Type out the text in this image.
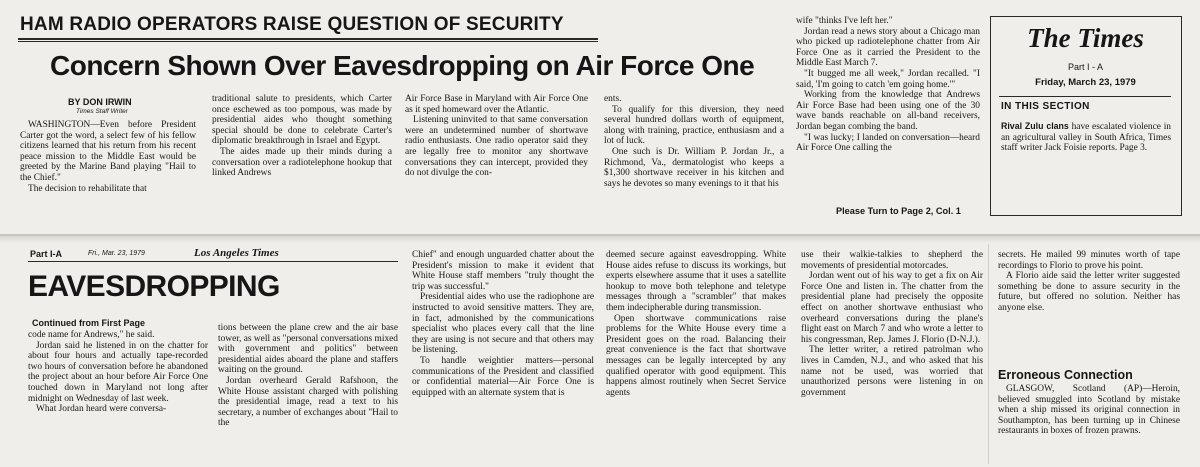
HAM RADIO OPERATORS RAISE QUESTION OF SECURITY
Concern Shown Over Eavesdropping on Air Force One
BY DON IRWIN
Times Staff Writer

WASHINGTON—Even before President Carter got the word, a select few of his fellow citizens learned that his return from his recent peace mission to the Middle East would be greeted by the Marine Band playing "Hail to the Chief."

The decision to rehabilitate that

traditional salute to presidents, which Carter once eschewed as too pompous, was made by presidential aides who thought something special should be done to celebrate Carter's diplomatic breakthrough in Israel and Egypt.

The aides made up their minds during a conversation over a radiotelephone hookup that linked Andrews

Air Force Base in Maryland with Air Force One as it sped homeward over the Atlantic.

Listening uninvited to that same conversation were an undetermined number of shortwave radio enthusiasts. One radio operator said they are legally free to monitor any shortwave conversations they can intercept, provided they do not divulge the con-

ents.

To qualify for this diversion, they need several hundred dollars worth of equipment, along with training, practice, enthusiasm and a lot of luck.

One such is Dr. William P. Jordan Jr., a Richmond, Va., dermatologist who keeps a $1,300 shortwave receiver in his kitchen and says he devotes so many evenings to it that his

wife "thinks I've left her."

Jordan read a news story about a Chicago man who picked up radiotelephone chatter from Air Force One as it carried the President to the Middle East March 7.

"It bugged me all week," Jordan recalled. "I said, 'I'm going to catch 'em going home.'"

Working from the knowledge that Andrews Air Force Base had been using one of the 30 wave bands reachable on all-band receivers, Jordan began combing the band.

"I was lucky; I landed on conversation—heard Air Force One calling the

Please Turn to Page 2, Col. 1
The Times
Part I - A
Friday, March 23, 1979
IN THIS SECTION
Rival Zulu clans have escalated violence in an agricultural valley in South Africa, Times staff writer Jack Foisie reports. Page 3.
Part I-A	Fri., Mar. 23, 1979	Los Angeles Times
EAVESDROPPING
Continued from First Page

code name for Andrews," he said.

Jordan said he listened in on the chatter for about four hours and actually tape-recorded two hours of conversation before he abandoned the project about an hour before Air Force One touched down in Maryland not long after midnight on Wednesday of last week.

What Jordan heard were conversa-

tions between the plane crew and the air base tower, as well as "personal conversations mixed with government and politics" between presidential aides aboard the plane and staffers waiting on the ground.

Jordan overheard Gerald Rafshoon, the White House assistant charged with polishing the presidential image, read a text to his secretary, a number of exchanges about "Hail to the

Chief" and enough unguarded chatter about the President's mission to make it evident that White House staff members "truly thought the trip was successful."

Presidential aides who use the radiophone are instructed to avoid sensitive matters. They are, in fact, admonished by the communications specialist who places every call that the line they are using is not secure and that others may be listening.

To handle weightier matters—personal communications of the President and classified or confidential material—Air Force One is equipped with an alternate system that is

deemed secure against eavesdropping. White House aides refuse to discuss its workings, but experts elsewhere assume that it uses a satellite hookup to move both telephone and teletype messages through a "scrambler" that makes them indecipherable during transmission.

Open shortwave communications raise problems for the White House every time a President goes on the road. Balancing their great convenience is the fact that shortwave messages can be legally intercepted by any qualified operator with good equipment. This happens almost routinely when Secret Service agents

use their walkie-talkies to shepherd the movements of presidential motorcades.

Jordan went out of his way to get a fix on Air Force One and listen in. The chatter from the presidential plane had precisely the opposite effect on another shortwave enthusiast who overheard conversations during the plane's flight east on March 7 and who wrote a letter to his congressman, Rep. James J. Florio (D-N.J.).

The letter writer, a retired patrolman who lives in Camden, N.J., and who asked that his name not be used, was worried that unauthorized persons were listening in on government

secrets. He mailed 99 minutes worth of tape recordings to Florio to prove his point.

A Florio aide said the letter writer suggested something be done to assure security in the future, but offered no solution. Neither has anyone else.

Erroneous Connection

GLASGOW, Scotland (AP)—Heroin, believed smuggled into Scotland by mistake when a ship missed its original connection in Southampton, has been turning up in Chinese restaurants in boxes of frozen prawns.
